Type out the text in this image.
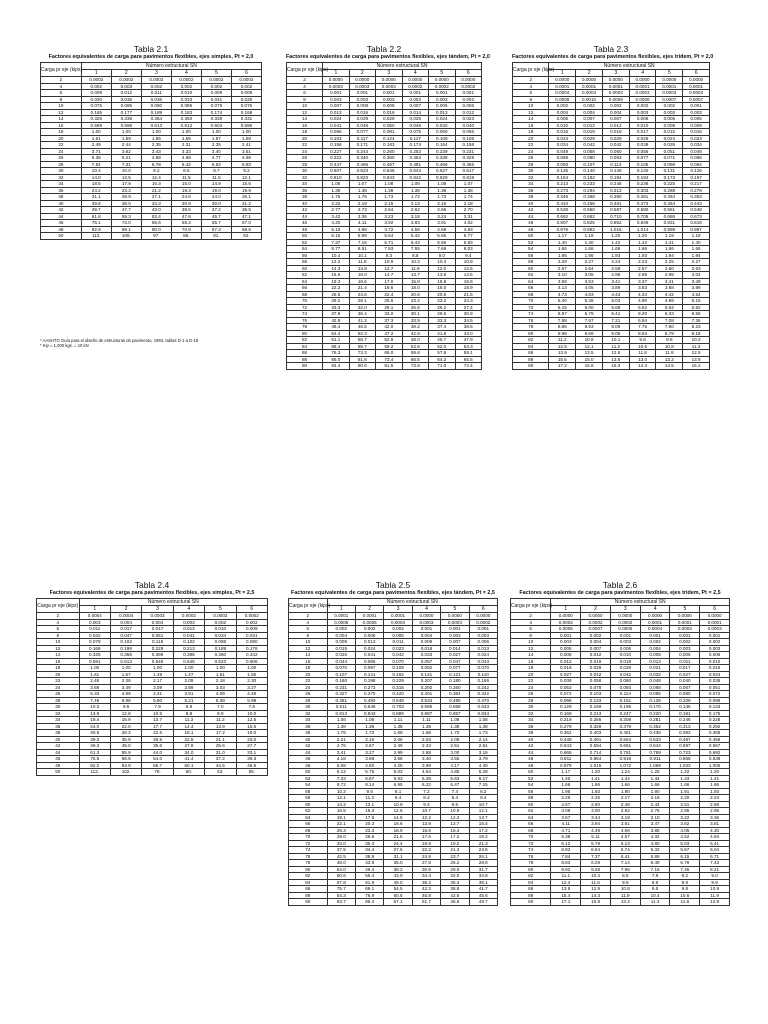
Tabla 2.1
Factores equivalentes de carga para pavimentos flexibles, ejes simples, Pt = 2,0
Carga pr eje (kips)	Número estructural SN					
	1	2	3	4	5	6
2	0.0002	0.0002	0.0002	0.0002	0.0002	0.0002
4	0.002	0.003	0.002	0.002	0.002	0.002
6	0.009	0.012	0.011	0.010	0.009	0.009
8	0.030	0.035	0.036	0.033	0.031	0.029
10	0.075	0.085	0.090	0.085	0.079	0.076
12	0.165	0.177	0.189	0.183	0.174	0.168
14	0.325	0.338	0.354	0.350	0.338	0.331
16	0.589	0.598	0.613	0.612	0.603	0.596
18	1.00	1.00	1.00	1.00	1.00	1.00
20	1.61	1.59	1.56	1.55	1.57	1.59
22	2.49	2.44	2.35	2.31	2.35	2.41
24	3.71	3.62	3.43	3.33	3.40	3.51
26	5.36	5.21	4.88	4.68	4.77	4.96
28	7.54	7.31	6.78	6.42	6.52	6.83
30	10.4	10.0	9.2	8.6	8.7	9.2
32	14.0	13.5	12.4	11.5	11.5	12.1
34	18.5	17.9	16.3	15.0	14.9	15.6
36	24.2	23.3	21.2	19.3	19.0	19.9
38	31.1	29.9	27.1	24.6	24.0	25.1
40	39.6	38.0	34.3	30.9	30.0	31.2
42	49.7	47.7	43.0	38.6	37.2	38.5
44	61.8	59.3	53.4	47.6	45.7	47.1
46	76.1	73.0	65.6	58.3	55.7	57.0
48	92.9	89.1	80.0	70.9	67.3	68.6
50	113.	108.	97.	86.	81.	82.
* AASHTO Guía para el diseño de estructuras de pavimento, 1993, tablas D-1 a D-18
* Kip = 1,000 kgs. = 10 kN
Tabla 2.2
Factores equivalentes de carga para pavimentos flexibles, ejes tándem, Pt = 2,0
Carga pr eje (kips)	Número estructural SN					
	1	2	3	4	5	6
2	0.0000	0.0000	0.0000	0.0000	0.0000	0.0000
4	0.0003	0.0003	0.0003	0.0002	0.0002	0.0002
6	0.001	0.001	0.001	0.001	0.001	0.001
8	0.003	0.003	0.003	0.003	0.003	0.002
10	0.007	0.008	0.008	0.007	0.006	0.006
12	0.013	0.016	0.016	0.014	0.013	0.012
14	0.024	0.029	0.029	0.026	0.024	0.023
16	0.041	0.048	0.050	0.046	0.042	0.040
18	0.066	0.077	0.081	0.075	0.069	0.066
20	0.103	0.117	0.124	0.117	0.109	0.105
22	0.156	0.171	0.183	0.174	0.164	0.158
24	0.227	0.244	0.260	0.252	0.239	0.231
26	0.322	0.340	0.360	0.353	0.338	0.329
28	0.447	0.465	0.487	0.481	0.466	0.455
30	0.607	0.623	0.646	0.643	0.627	0.617
32	0.810	0.823	0.843	0.842	0.829	0.819
34	1.06	1.07	1.08	1.08	1.08	1.07
36	1.38	1.38	1.38	1.38	1.38	1.38
38	1.76	1.75	1.73	1.72	1.73	1.74
40	2.22	2.19	2.15	2.13	2.16	2.18
42	2.77	2.73	2.64	2.62	2.66	2.70
44	3.42	3.36	3.23	3.18	3.24	3.31
46	4.20	4.11	3.92	3.83	3.91	4.02
48	5.10	4.98	4.72	4.58	4.68	4.83
50	6.15	5.99	5.64	5.44	5.56	5.77
52	7.37	7.16	6.71	6.43	6.56	6.83
54	8.77	8.51	7.93	7.55	7.69	8.03
56	10.4	10.1	9.3	8.8	9.0	9.4
58	12.2	11.8	10.9	10.3	10.4	10.9
60	14.3	13.8	12.7	11.9	12.0	12.6
62	16.6	16.0	14.7	13.7	13.8	14.5
64	19.3	18.6	17.0	15.8	15.8	16.6
66	22.2	21.4	19.6	18.0	18.0	18.9
68	25.5	24.6	22.4	20.6	20.5	21.5
70	29.2	28.1	25.6	23.4	23.2	24.3
72	33.3	32.0	29.1	26.6	26.2	27.4
74	37.8	36.4	33.0	30.1	29.6	30.8
76	42.8	41.2	37.3	33.9	33.3	34.5
78	48.4	46.5	42.0	38.2	37.4	38.6
80	54.4	52.3	47.2	42.9	41.8	43.0
82	61.1	58.7	52.9	48.0	46.7	47.9
84	68.4	65.7	59.2	53.6	52.0	53.3
86	76.3	73.3	66.0	59.8	57.8	59.1
88	85.0	81.6	73.4	66.5	64.2	65.5
90	94.4	90.6	81.5	73.8	71.0	72.4
Tabla 2.3
Factores equivalentes de carga para pavimentos flexibles, ejes tridem, Pt = 2,0
Carga pr eje (kips)	Número estructural SN					
	1	2	3	4	5	6
2	0.0000	0.0000	0.0000	0.0000	0.0000	0.0000
4	0.0001	0.0001	0.0001	0.0001	0.0001	0.0001
6	0.0004	0.0004	0.0003	0.0003	0.0003	0.0003
8	0.0009	0.0010	0.0009	0.0008	0.0007	0.0007
10	0.002	0.002	0.002	0.002	0.002	0.001
12	0.004	0.004	0.004	0.003	0.003	0.003
14	0.006	0.007	0.007	0.006	0.005	0.005
16	0.010	0.012	0.012	0.010	0.009	0.009
18	0.016	0.019	0.019	0.017	0.015	0.015
20	0.024	0.029	0.029	0.026	0.024	0.023
22	0.034	0.042	0.042	0.038	0.035	0.034
24	0.049	0.058	0.060	0.055	0.051	0.048
26	0.068	0.080	0.083	0.077	0.071	0.068
28	0.093	0.107	0.113	0.105	0.098	0.094
30	0.125	0.140	0.149	0.140	0.131	0.126
32	0.164	0.182	0.194	0.184	0.173	0.167
34	0.213	0.233	0.248	0.238	0.225	0.217
36	0.273	0.294	0.313	0.303	0.288	0.279
38	0.346	0.368	0.390	0.381	0.364	0.353
40	0.434	0.456	0.481	0.473	0.454	0.443
42	0.538	0.560	0.587	0.580	0.561	0.548
44	0.662	0.682	0.710	0.705	0.686	0.673
46	0.807	0.825	0.852	0.849	0.831	0.818
48	0.976	0.992	1.015	1.014	0.999	0.987
50	1.17	1.18	1.20	1.20	1.19	1.18
52	1.40	1.40	1.42	1.42	1.41	1.40
54	1.66	1.66	1.66	1.66	1.66	1.66
56	1.95	1.95	1.93	1.93	1.94	1.94
58	2.29	2.27	2.24	2.23	2.25	2.27
60	2.67	2.64	2.59	2.57	2.60	2.63
62	3.10	3.05	2.98	2.95	2.98	3.04
64	3.59	3.53	3.41	3.37	3.41	3.49
66	4.13	4.05	3.89	3.83	3.88	3.99
68	4.73	4.63	4.43	4.34	4.42	4.54
70	5.40	5.28	5.03	4.90	4.99	5.15
72	6.15	6.00	5.68	5.52	5.62	5.82
74	6.97	6.79	6.41	6.20	6.33	6.56
76	7.88	7.67	7.21	6.94	7.08	7.36
78	8.88	8.63	8.09	7.75	7.90	8.23
80	9.98	9.69	9.05	8.63	8.79	9.18
82	11.2	10.8	10.1	9.6	9.8	10.2
84	12.5	12.1	11.2	10.6	10.8	11.3
86	13.9	13.5	12.5	11.8	11.9	12.5
88	15.5	15.0	13.8	13.0	13.2	13.8
90	17.2	16.6	15.3	14.3	14.5	15.2
Tabla 2.4
Factores equivalentes de carga para pavimentos flexibles, ejes simples, Pt = 2,5
Carga pr eje (kips)	Número estructural SN					
	1	2	3	4	5	6
2	0.0004	0.0004	0.0003	0.0002	0.0002	0.0002
4	0.003	0.004	0.004	0.003	0.002	0.002
6	0.011	0.017	0.017	0.013	0.010	0.009
8	0.032	0.047	0.051	0.041	0.034	0.031
10	0.078	0.102	0.118	0.102	0.088	0.080
12	0.168	0.198	0.229	0.213	0.189	0.176
14	0.328	0.358	0.399	0.388	0.360	0.342
16	0.591	0.613	0.646	0.645	0.623	0.606
18	1.00	1.00	1.00	1.00	1.00	1.00
20	1.61	1.57	1.49	1.47	1.51	1.55
22	2.48	2.38	2.17	2.09	2.18	2.30
24	3.69	3.49	3.09	2.89	3.03	3.27
26	5.33	4.99	4.31	3.91	4.09	4.48
28	7.49	6.98	5.90	5.21	5.39	5.98
30	10.3	9.5	7.9	6.8	7.0	7.8
32	13.9	12.8	10.5	8.8	8.9	10.0
34	18.4	16.9	13.7	11.3	11.2	12.5
36	24.0	22.0	17.7	14.4	13.9	15.5
38	30.9	28.3	22.6	18.1	17.2	19.0
40	39.3	35.9	28.5	22.5	21.1	23.0
42	49.3	45.0	35.6	27.8	25.6	27.7
44	61.3	55.9	44.0	34.0	31.0	33.1
46	75.5	68.8	54.0	41.4	37.2	39.3
48	92.2	83.9	65.7	50.1	44.5	46.5
50	112.	102.	79.	60.	53.	55.
Tabla 2.5
Factores equivalentes de carga para pavimentos flexibles, ejes tándem, Pt = 2,5
Carga pr eje (kips)	Número estructural SN					
	1	2	3	4	5	6
2	0.0001	0.0001	0.0001	0.0000	0.0000	0.0000
4	0.0005	0.0005	0.0004	0.0003	0.0003	0.0002
6	0.002	0.002	0.002	0.001	0.001	0.001
8	0.004	0.006	0.005	0.004	0.003	0.003
10	0.008	0.013	0.011	0.009	0.007	0.006
12	0.015	0.024	0.023	0.018	0.014	0.013
14	0.026	0.041	0.042	0.033	0.027	0.024
16	0.044	0.065	0.070	0.057	0.047	0.043
18	0.070	0.097	0.109	0.092	0.077	0.070
20	0.107	0.141	0.162	0.141	0.121	0.110
22	0.160	0.198	0.229	0.207	0.180	0.166
24	0.231	0.273	0.315	0.292	0.260	0.242
26	0.327	0.370	0.420	0.401	0.364	0.342
28	0.451	0.493	0.548	0.534	0.495	0.470
30	0.611	0.648	0.703	0.695	0.658	0.633
32	0.813	0.843	0.889	0.887	0.857	0.834
34	1.06	1.08	1.11	1.11	1.09	1.08
36	1.38	1.38	1.38	1.38	1.38	1.38
38	1.75	1.73	1.69	1.68	1.70	1.73
40	2.21	2.16	2.06	2.03	2.08	2.14
42	2.76	2.67	2.49	2.43	2.51	2.61
44	3.41	3.27	2.99	2.88	3.00	3.16
46	4.18	3.98	3.58	3.40	3.55	3.79
48	5.08	4.80	4.25	3.98	4.17	4.49
50	6.12	5.76	5.03	4.64	4.86	5.28
52	7.33	6.87	5.93	5.38	5.63	6.17
54	8.72	8.14	6.95	6.22	6.47	7.15
56	10.3	9.6	8.1	7.2	7.4	8.2
58	12.1	11.3	9.4	8.2	8.4	9.4
60	14.2	13.1	10.9	9.4	9.6	10.7
62	16.5	15.3	12.6	10.7	10.8	12.1
64	19.1	17.6	14.5	12.2	12.2	13.7
66	22.1	20.3	16.6	13.8	13.7	15.4
68	25.3	23.3	18.9	15.6	15.4	17.2
70	29.0	26.6	21.5	17.6	17.2	19.2
72	33.0	30.3	24.4	19.8	19.2	21.3
74	37.5	34.4	27.6	22.2	21.3	23.6
76	42.5	38.9	31.1	24.8	23.7	26.1
78	48.0	43.9	35.0	27.8	26.2	28.8
80	54.0	49.4	39.2	30.9	29.0	31.7
82	60.6	55.4	43.9	34.4	32.0	34.8
84	67.8	61.9	49.0	38.2	35.3	38.1
86	75.7	69.1	54.5	42.3	38.8	41.7
88	84.3	76.9	60.6	46.8	42.6	45.6
90	93.7	85.4	67.1	51.7	46.8	49.7
Tabla 2.6
Factores equivalentes de carga para pavimentos flexibles, ejes tridem, Pt = 2,5
Carga pr eje (kips)	Número estructural SN					
	1	2	3	4	5	6
2	0.0000	0.0000	0.0000	0.0000	0.0000	0.0000
4	0.0002	0.0002	0.0002	0.0001	0.0001	0.0001
6	0.0006	0.0007	0.0005	0.0004	0.0003	0.0003
8	0.001	0.002	0.001	0.001	0.001	0.001
10	0.003	0.004	0.003	0.002	0.002	0.002
12	0.005	0.007	0.006	0.004	0.003	0.003
14	0.008	0.012	0.010	0.008	0.006	0.006
16	0.012	0.019	0.018	0.013	0.011	0.010
18	0.018	0.029	0.028	0.021	0.017	0.016
20	0.027	0.042	0.042	0.032	0.027	0.024
22	0.038	0.058	0.060	0.048	0.040	0.036
24	0.053	0.078	0.084	0.068	0.057	0.051
26	0.072	0.103	0.114	0.095	0.080	0.072
28	0.098	0.133	0.151	0.128	0.109	0.099
30	0.129	0.169	0.195	0.170	0.145	0.133
32	0.169	0.213	0.247	0.220	0.191	0.175
34	0.219	0.266	0.308	0.281	0.246	0.228
36	0.279	0.329	0.379	0.352	0.313	0.292
38	0.352	0.403	0.461	0.436	0.393	0.368
40	0.439	0.491	0.554	0.533	0.487	0.459
42	0.543	0.594	0.661	0.644	0.597	0.567
44	0.666	0.714	0.781	0.769	0.723	0.692
46	0.811	0.854	0.918	0.911	0.868	0.838
48	0.979	1.015	1.072	1.069	1.033	1.005
50	1.17	1.20	1.24	1.25	1.22	1.20
52	1.40	1.41	1.44	1.44	1.43	1.41
54	1.66	1.66	1.66	1.66	1.66	1.66
56	1.95	1.93	1.90	1.90	1.91	1.93
58	2.29	2.25	2.17	2.16	2.20	2.24
60	2.67	2.60	2.48	2.44	2.51	2.58
62	3.09	3.00	2.82	2.76	2.85	2.95
64	3.57	3.44	3.19	3.10	3.22	3.36
66	4.11	3.94	3.61	3.47	3.62	3.81
68	4.71	4.49	4.06	3.88	4.05	4.30
70	5.38	5.11	4.57	4.32	4.52	4.84
72	6.12	5.79	5.13	4.80	5.03	5.41
74	6.93	6.54	5.74	5.32	5.57	6.04
76	7.84	7.37	6.41	5.88	6.15	6.71
78	8.83	8.28	7.14	6.49	6.78	7.43
80	9.92	9.28	7.95	7.15	7.45	8.21
82	11.1	10.4	8.8	7.9	8.2	9.0
84	12.4	11.6	9.8	8.6	8.9	9.9
86	13.8	12.9	10.8	9.5	9.8	10.9
88	15.4	14.3	11.9	10.4	10.6	11.9
90	17.1	15.8	13.2	11.3	11.6	12.9
